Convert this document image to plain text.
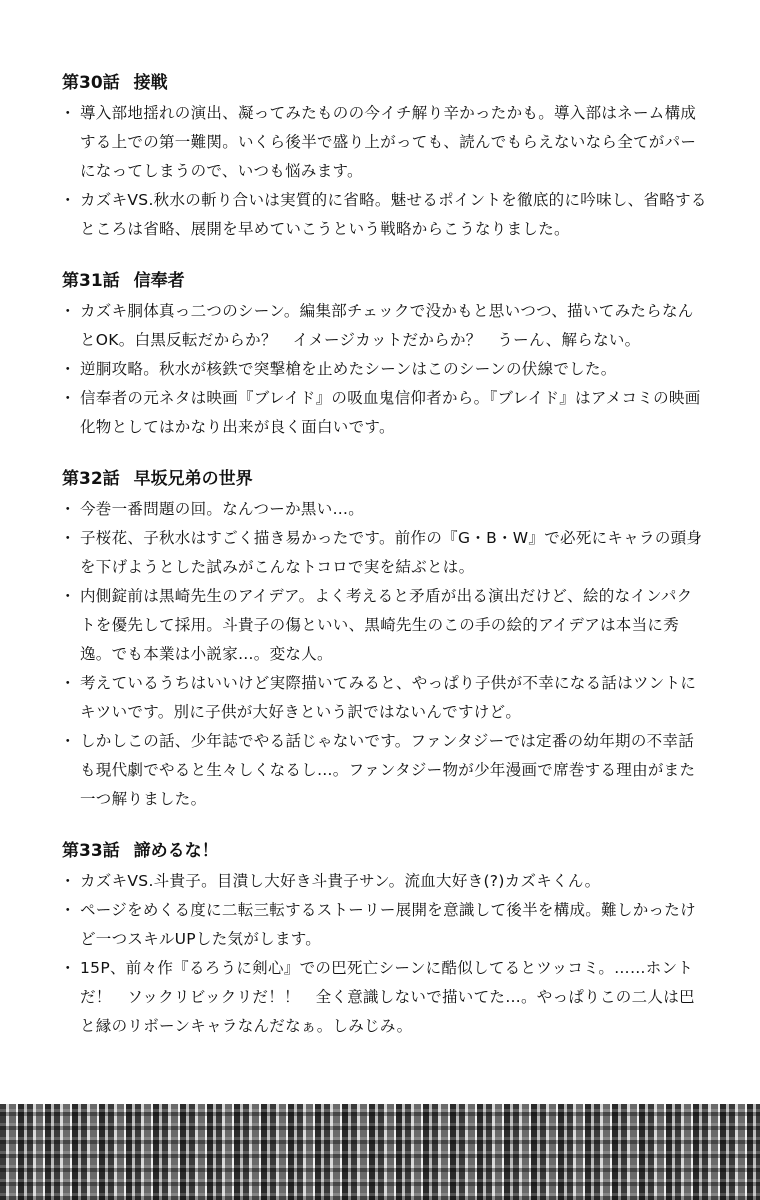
第30話 接戦
・ 導入部地揺れの演出、凝ってみたものの今イチ解り辛かったかも。導入部はネーム構成する上での第一難関。いくら後半で盛り上がっても、読んでもらえないなら全てがパーになってしまうので、いつも悩みます。
・ カズキVS.秋水の斬り合いは実質的に省略。魅せるポイントを徹底的に吟味し、省略するところは省略、展開を早めていこうという戦略からこうなりました。
第31話 信奉者
・ カズキ胴体真っ二つのシーン。編集部チェックで没かもと思いつつ、描いてみたらなんとOK。白黒反転だからか？　イメージカットだからか？　うーん、解らない。
・ 逆胴攻略。秋水が核鉄で突撃槍を止めたシーンはこのシーンの伏線でした。
・ 信奉者の元ネタは映画『ブレイド』の吸血鬼信仰者から。『ブレイド』はアメコミの映画化物としてはかなり出来が良く面白いです。
第32話 早坂兄弟の世界
・ 今巻一番問題の回。なんつーか黒い…。
・ 子桜花、子秋水はすごく描き易かったです。前作の『G・B・W』で必死にキャラの頭身を下げようとした試みがこんなトコロで実を結ぶとは。
・ 内側錠前は黒崎先生のアイデア。よく考えると矛盾が出る演出だけど、絵的なインパクトを優先して採用。斗貴子の傷といい、黒崎先生のこの手の絵的アイデアは本当に秀逸。でも本業は小説家…。変な人。
・ 考えているうちはいいけど実際描いてみると、やっぱり子供が不幸になる話はツントにキツいです。別に子供が大好きという訳ではないんですけど。
・ しかしこの話、少年誌でやる話じゃないです。ファンタジーでは定番の幼年期の不幸話も現代劇でやると生々しくなるし…。ファンタジー物が少年漫画で席巻する理由がまた一つ解りました。
第33話 諦めるな！
・ カズキVS.斗貴子。目潰し大好き斗貴子サン。流血大好き(?)カズキくん。
・ ページをめくる度に二転三転するストーリー展開を意識して後半を構成。難しかったけど一つスキルUPした気がします。
・ 15P、前々作『るろうに剣心』での巴死亡シーンに酷似してるとツッコミ。……ホントだ！　ソックリビックリだ！！　全く意識しないで描いてた…。やっぱりこの二人は巴と縁のリボーンキャラなんだなぁ。しみじみ。
